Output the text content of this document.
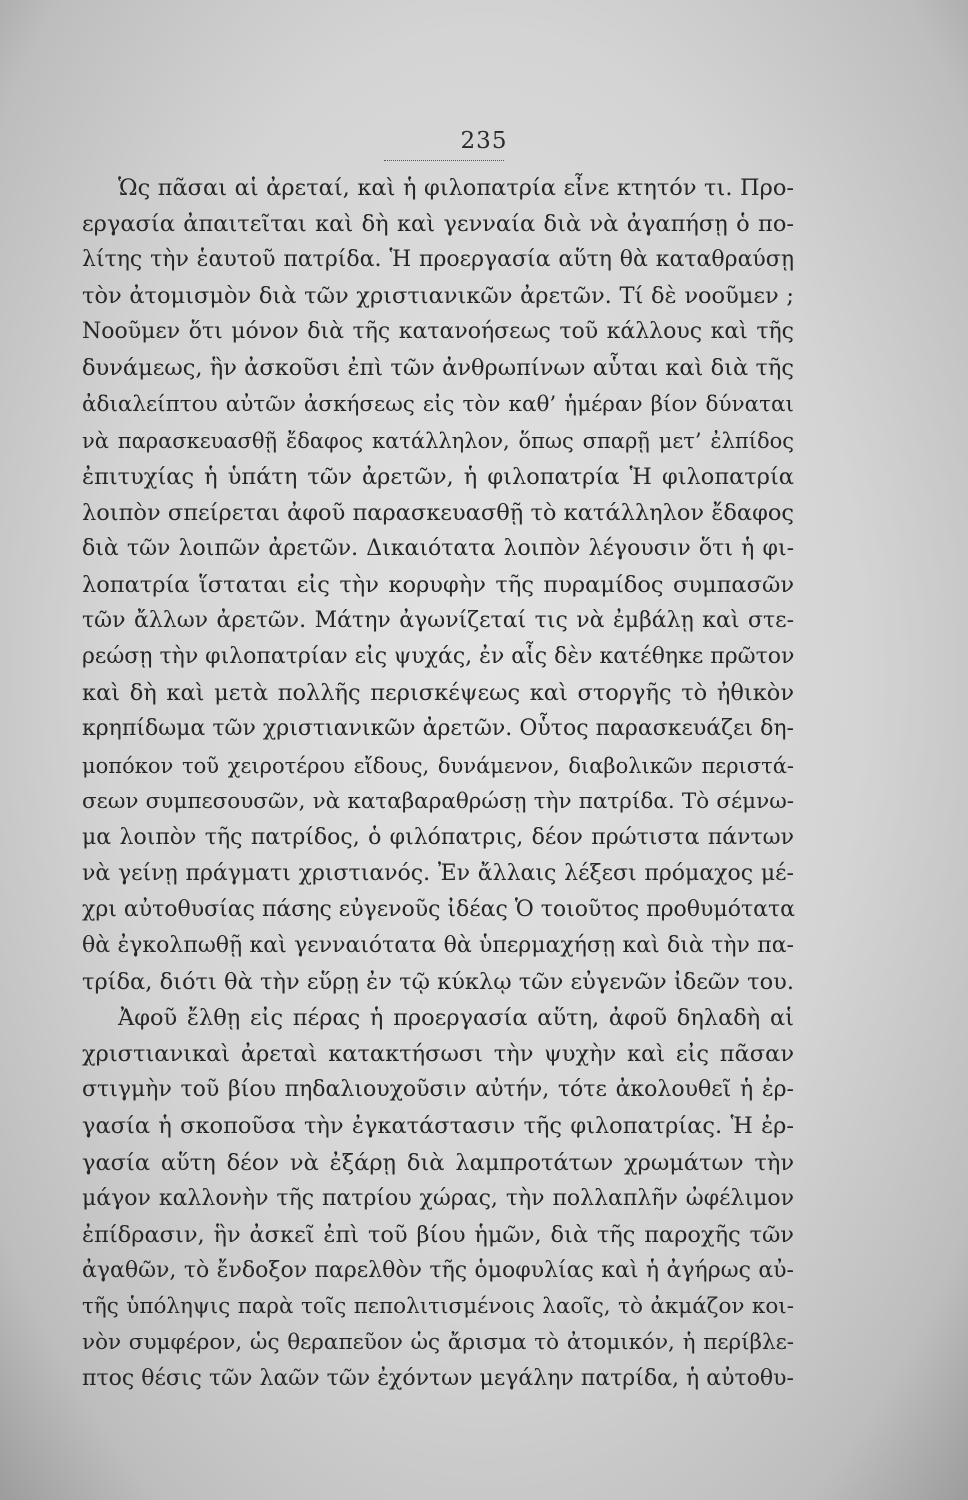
235
Ὡς πᾶσαι αἱ ἀρεταί, καὶ ἡ φιλοπατρία εἶνε κτητόν τι. Προ-
εργασία ἀπαιτεῖται καὶ δὴ καὶ γενναία διὰ νὰ ἀγαπήσῃ ὁ πο-
λίτης τὴν ἑαυτοῦ πατρίδα. Ἡ προεργασία αὕτη θὰ καταθραύσῃ
τὸν ἀτομισμὸν διὰ τῶν χριστιανικῶν ἀρετῶν. Τί δὲ νοοῦμεν ;
Νοοῦμεν ὅτι μόνον διὰ τῆς κατανοήσεως τοῦ κάλλους καὶ τῆς
δυνάμεως, ἣν ἀσκοῦσι ἐπὶ τῶν ἀνθρωπίνων αὗται καὶ διὰ τῆς
ἀδιαλείπτου αὐτῶν ἀσκήσεως εἰς τὸν καθ’ ἡμέραν βίον δύναται
νὰ παρασκευασθῇ ἔδαφος κατάλληλον, ὅπως σπαρῇ μετ’ ἐλπίδος
ἐπιτυχίας ἡ ὑπάτη τῶν ἀρετῶν, ἡ φιλοπατρία Ἡ φιλοπατρία
λοιπὸν σπείρεται ἀφοῦ παρασκευασθῇ τὸ κατάλληλον ἔδαφος
διὰ τῶν λοιπῶν ἀρετῶν. Δικαιότατα λοιπὸν λέγουσιν ὅτι ἡ φι-
λοπατρία ἵσταται εἰς τὴν κορυφὴν τῆς πυραμίδος συμπασῶν
τῶν ἄλλων ἀρετῶν. Μάτην ἀγωνίζεταί τις νὰ ἐμβάλῃ καὶ στε-
ρεώσῃ τὴν φιλοπατρίαν εἰς ψυχάς, ἐν αἷς δὲν κατέθηκε πρῶτον
καὶ δὴ καὶ μετὰ πολλῆς περισκέψεως καὶ στοργῆς τὸ ἠθικὸν
κρηπίδωμα τῶν χριστιανικῶν ἀρετῶν. Οὗτος παρασκευάζει δη-
μοπόκον τοῦ χειροτέρου εἴδους, δυνάμενον, διαβολικῶν περιστά-
σεων συμπεσουσῶν, νὰ καταβαραθρώσῃ τὴν πατρίδα. Τὸ σέμνω-
μα λοιπὸν τῆς πατρίδος, ὁ φιλόπατρις, δέον πρώτιστα πάντων
νὰ γείνῃ πράγματι χριστιανός. Ἐν ἄλλαις λέξεσι πρόμαχος μέ-
χρι αὐτοθυσίας πάσης εὐγενοῦς ἰδέας Ὁ τοιοῦτος προθυμότατα
θὰ ἐγκολπωθῇ καὶ γενναιότατα θὰ ὑπερμαχήσῃ καὶ διὰ τὴν πα-
τρίδα, διότι θὰ τὴν εὕρῃ ἐν τῷ κύκλῳ τῶν εὐγενῶν ἰδεῶν του.
Ἀφοῦ ἔλθῃ εἰς πέρας ἡ προεργασία αὕτη, ἀφοῦ δηλαδὴ αἱ
χριστιανικαὶ ἀρεταὶ κατακτήσωσι τὴν ψυχὴν καὶ εἰς πᾶσαν
στιγμὴν τοῦ βίου πηδαλιουχοῦσιν αὐτήν, τότε ἀκολουθεῖ ἡ ἐρ-
γασία ἡ σκοποῦσα τὴν ἐγκατάστασιν τῆς φιλοπατρίας. Ἡ ἐρ-
γασία αὕτη δέον νὰ ἐξάρῃ διὰ λαμπροτάτων χρωμάτων τὴν
μάγον καλλονὴν τῆς πατρίου χώρας, τὴν πολλαπλῆν ὠφέλιμον
ἐπίδρασιν, ἣν ἀσκεῖ ἐπὶ τοῦ βίου ἡμῶν, διὰ τῆς παροχῆς τῶν
ἀγαθῶν, τὸ ἔνδοξον παρελθὸν τῆς ὁμοφυλίας καὶ ἡ ἀγήρως αὐ-
τῆς ὑπόληψις παρὰ τοῖς πεπολιτισμένοις λαοῖς, τὸ ἀκμάζον κοι-
νὸν συμφέρον, ὡς θεραπεῦον ὡς ἄρισμα τὸ ἀτομικόν, ἡ περίβλε-
πτος θέσις τῶν λαῶν τῶν ἐχόντων μεγάλην πατρίδα, ἡ αὐτοθυ-
